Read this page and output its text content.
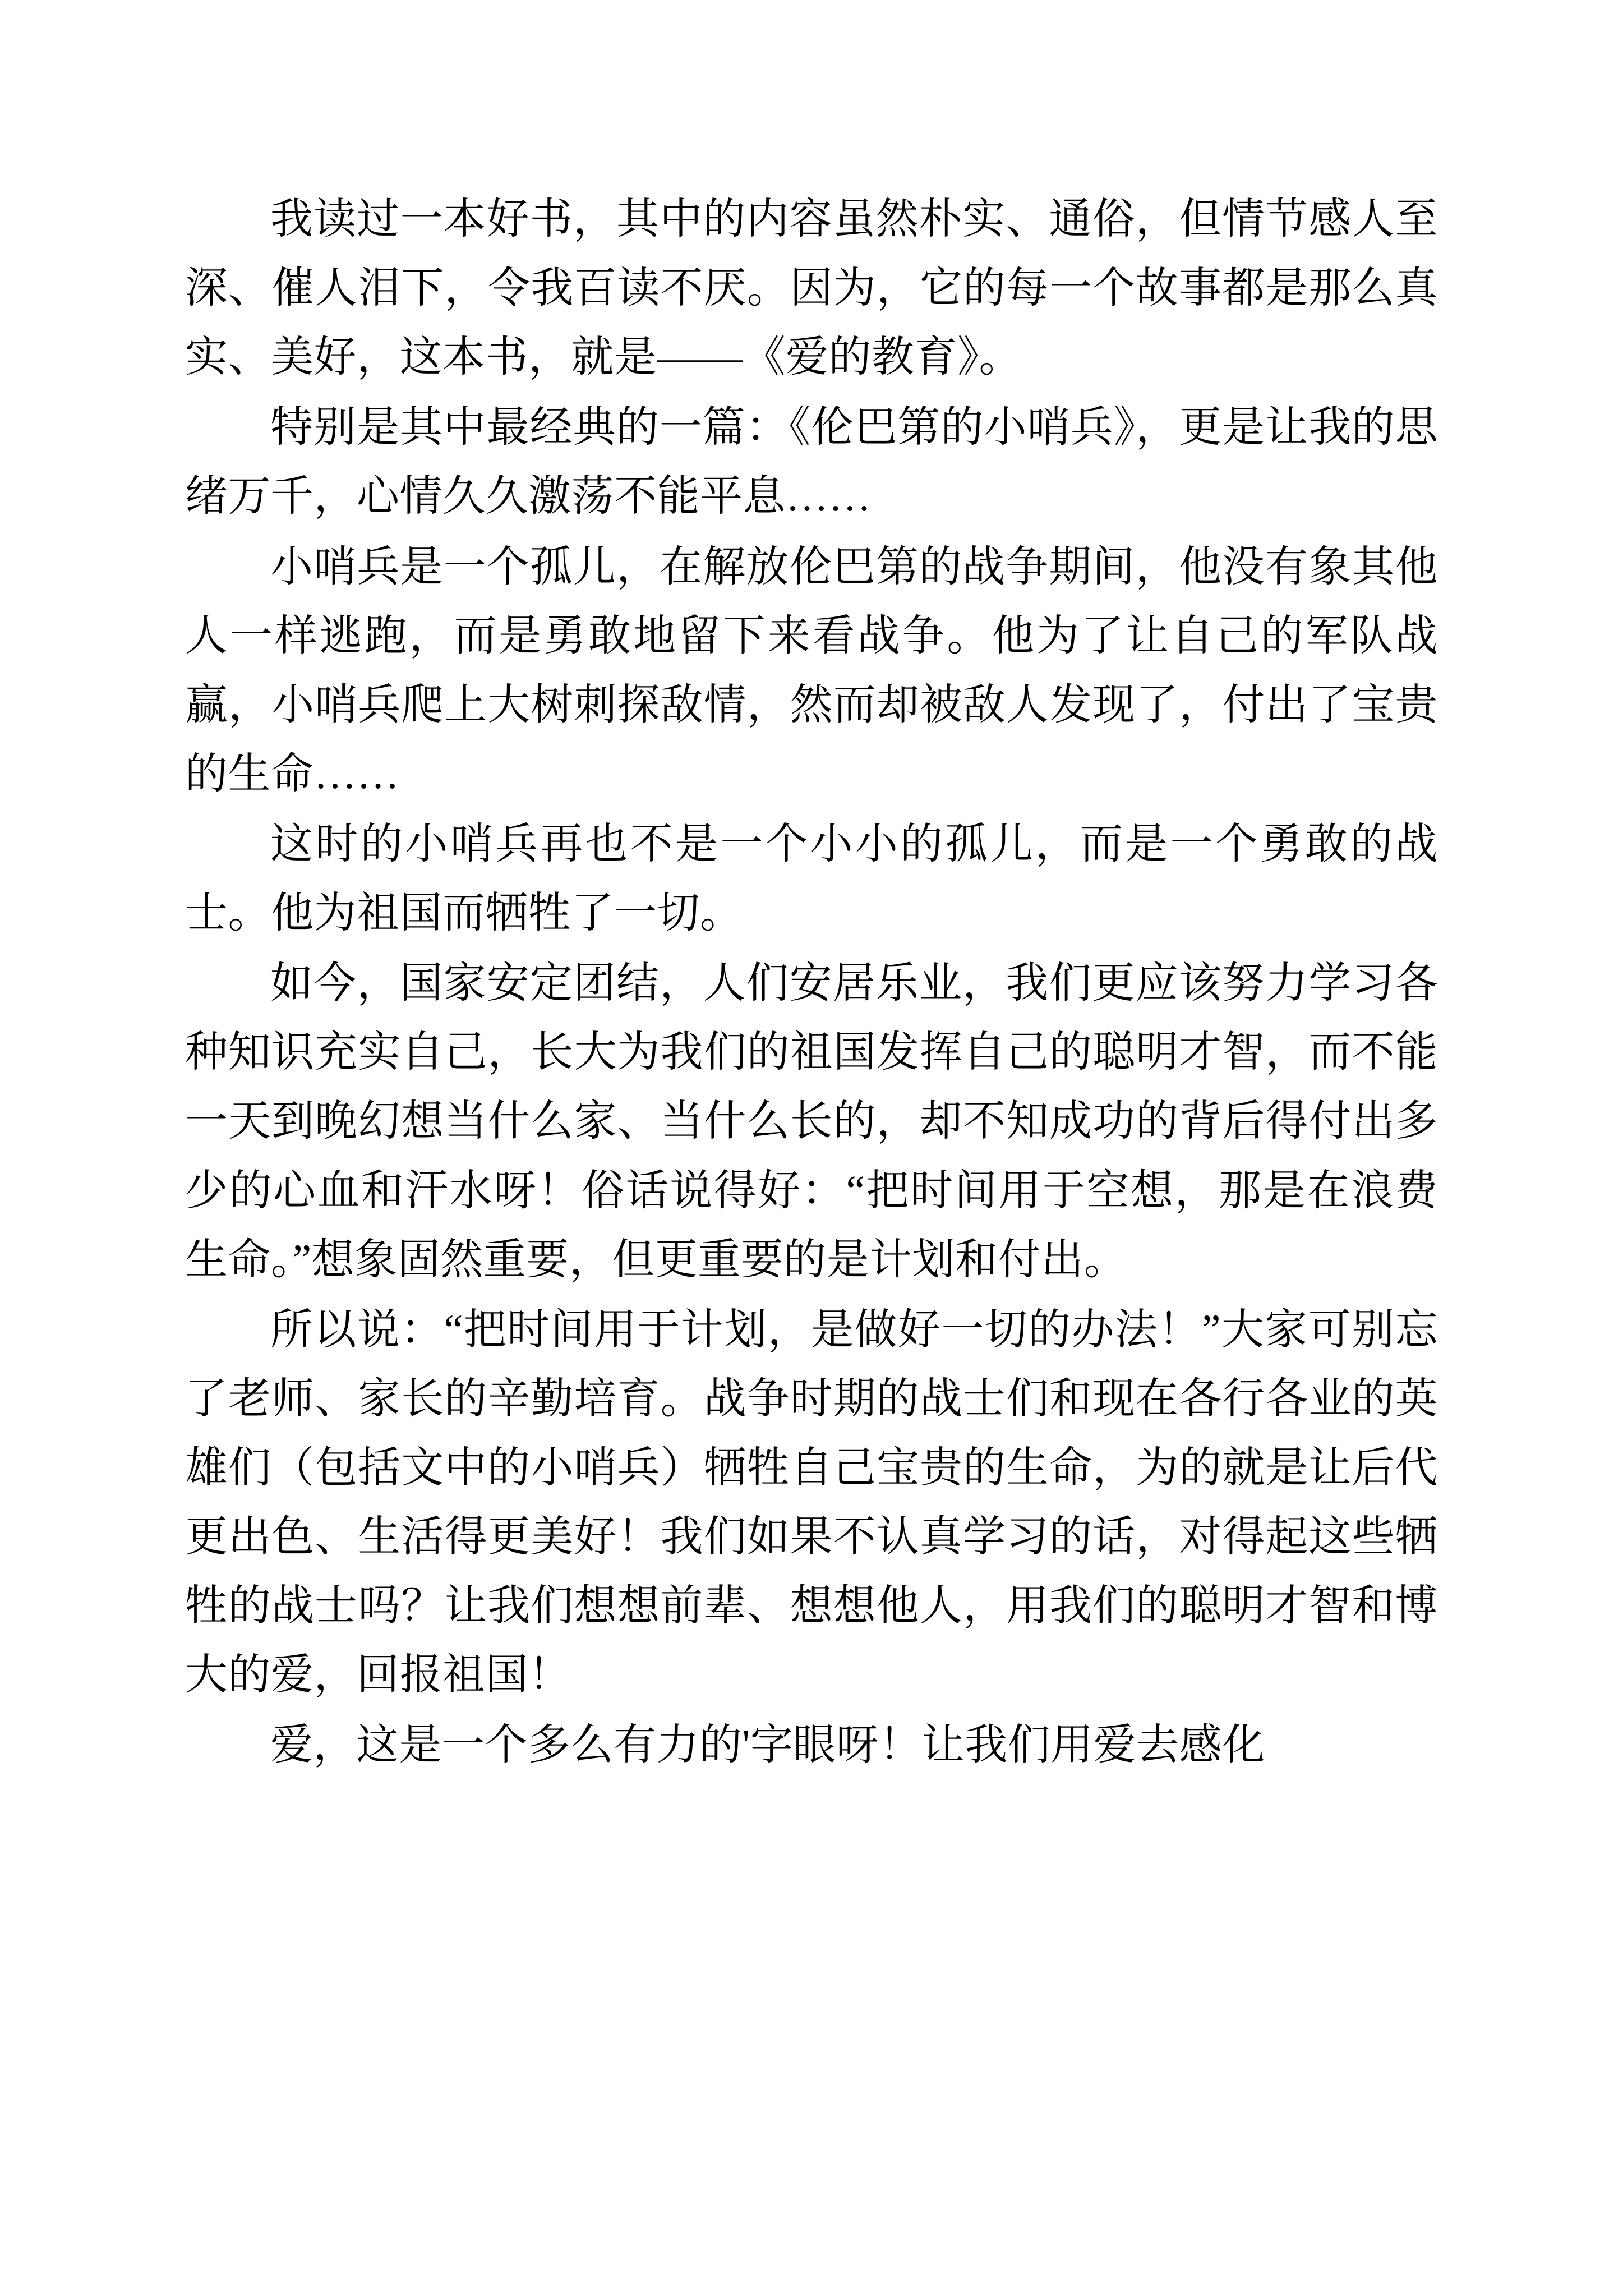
我读过一本好书，其中的内容虽然朴实、通俗，但情节感人至深、催人泪下，令我百读不厌。因为，它的每一个故事都是那么真实、美好，这本书，就是——《爱的教育》。

特别是其中最经典的一篇：《伦巴第的小哨兵》，更是让我的思绪万千，心情久久激荡不能平息……

小哨兵是一个孤儿，在解放伦巴第的战争期间，他没有象其他人一样逃跑，而是勇敢地留下来看战争。他为了让自己的军队战赢，小哨兵爬上大树刺探敌情，然而却被敌人发现了，付出了宝贵的生命……

这时的小哨兵再也不是一个小小的孤儿，而是一个勇敢的战士。他为祖国而牺牲了一切。

如今，国家安定团结，人们安居乐业，我们更应该努力学习各种知识充实自己，长大为我们的祖国发挥自己的聪明才智，而不能一天到晚幻想当什么家、当什么长的，却不知成功的背后得付出多少的心血和汗水呀！俗话说得好：“把时间用于空想，那是在浪费生命。”想象固然重要，但更重要的是计划和付出。

所以说：“把时间用于计划，是做好一切的办法！”大家可别忘了老师、家长的辛勤培育。战争时期的战士们和现在各行各业的英雄们（包括文中的小哨兵）牺牲自己宝贵的生命，为的就是让后代更出色、生活得更美好！我们如果不认真学习的话，对得起这些牺牲的战士吗？让我们想想前辈、想想他人，用我们的聪明才智和博大的爱，回报祖国！

爱，这是一个多么有力的'字眼呀！让我们用爱去感化
